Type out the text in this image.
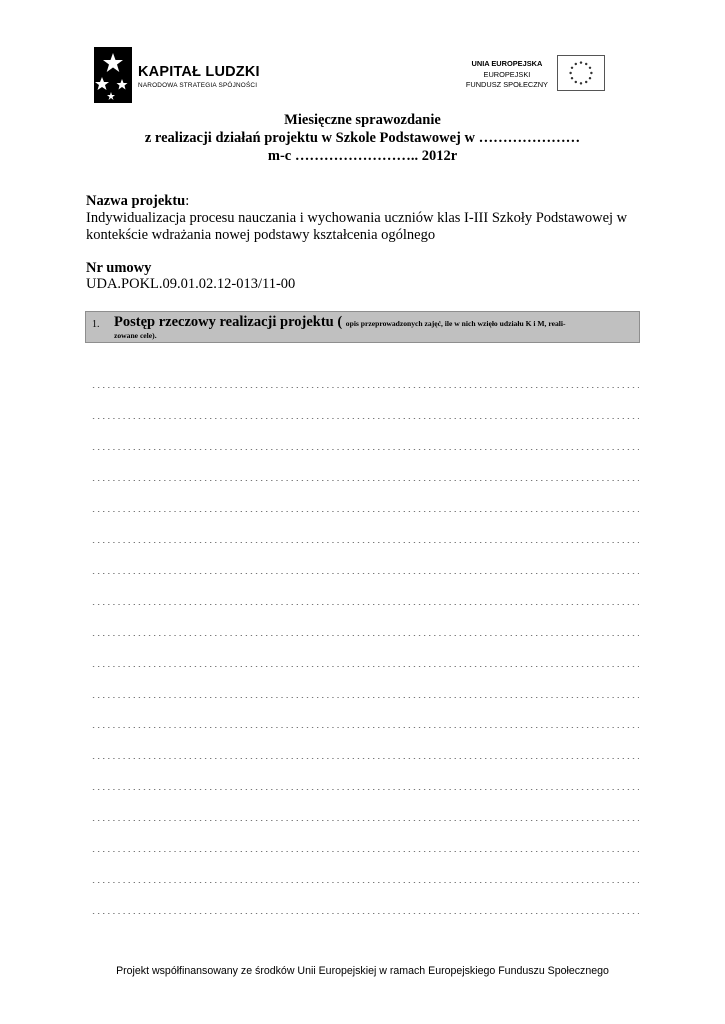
KAPITAŁ LUDZKI
NARODOWA STRATEGIA SPÓJNOŚCI
UNIA EUROPEJSKA
EUROPEJSKI
FUNDUSZ SPOŁECZNY
Miesięczne sprawozdanie
z realizacji działań projektu w Szkole Podstawowej w …………………
m-c …………………….. 2012r
Nazwa projektu:
Indywidualizacja procesu nauczania i wychowania uczniów klas I-III Szkoły Podstawowej w
kontekście wdrażania nowej podstawy kształcenia ogólnego
Nr umowy
UDA.POKL.09.01.02.12-013/11-00
1. Postęp rzeczowy realizacji projektu ( opis przeprowadzonych zajęć, ile w nich wzięło udziału K i M, reali-
zowane cele).
Projekt współfinansowany ze środków Unii Europejskiej w ramach Europejskiego Funduszu Społecznego
